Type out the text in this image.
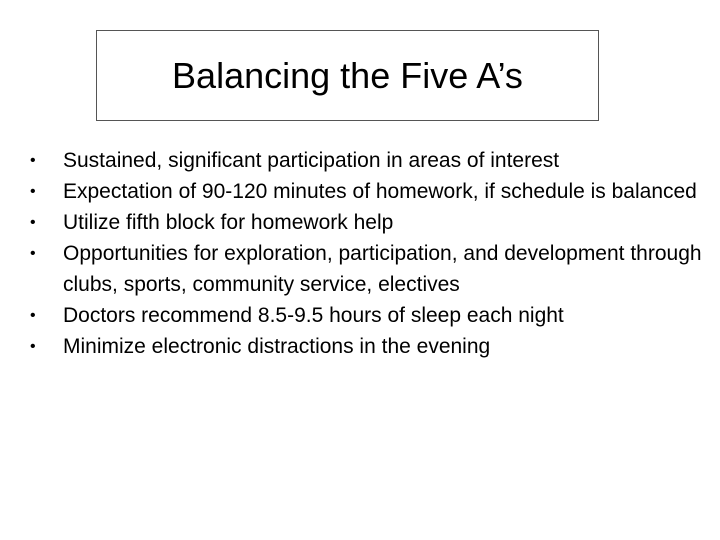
Balancing the Five A’s
•	Sustained, significant participation in areas of interest
•	Expectation of 90-120 minutes of homework, if schedule is balanced
•	Utilize fifth block for homework help
•	Opportunities for exploration, participation, and development through clubs, sports, community service, electives
•	Doctors recommend 8.5-9.5 hours of sleep each night
•	Minimize electronic distractions in the evening
